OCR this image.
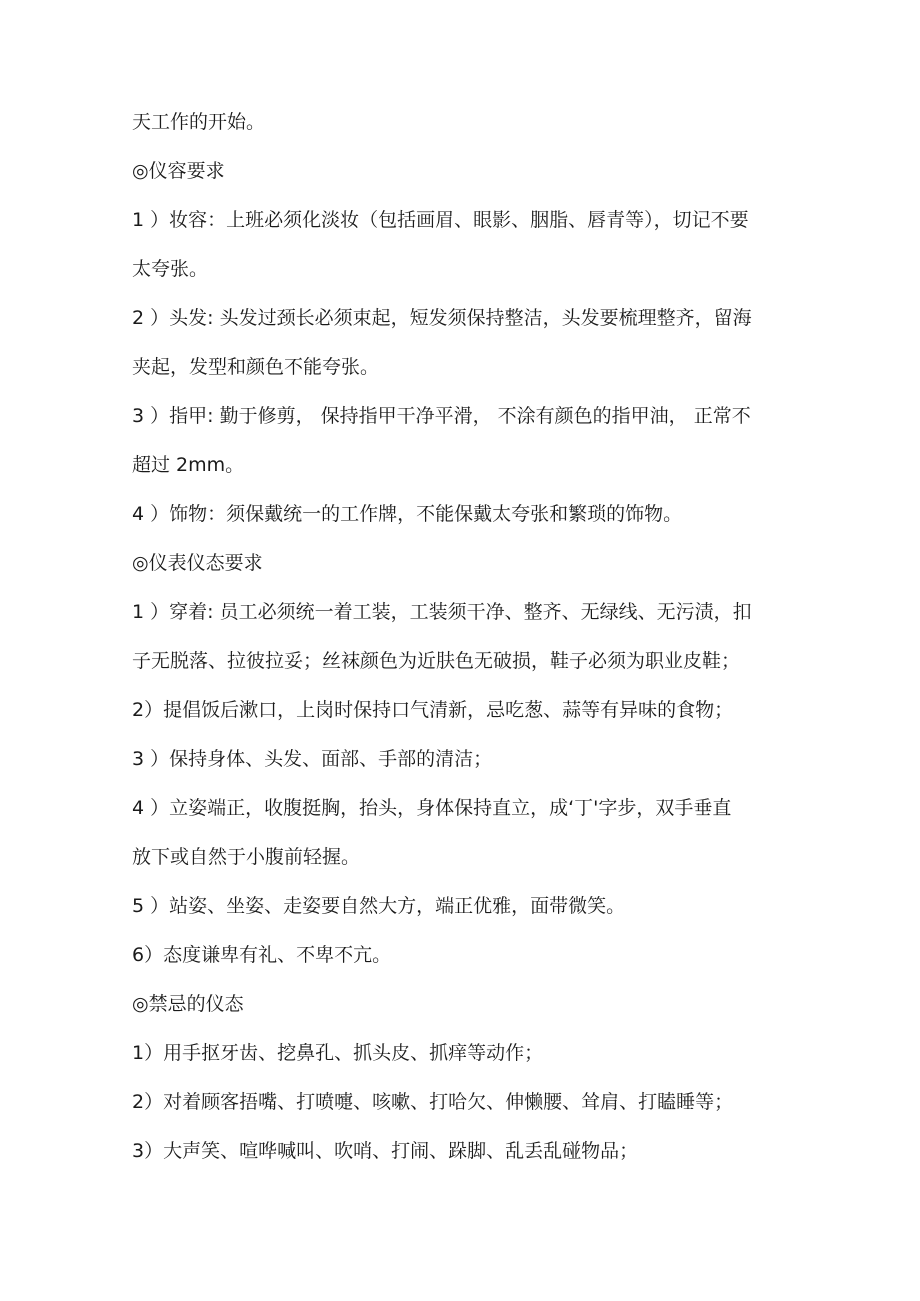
天工作的开始。
◎仪容要求
1 ）妆容：上班必须化淡妆（包括画眉、眼影、胭脂、唇青等），切记不要
太夸张。
2 ）头发: 头发过颈长必须束起，短发须保持整洁，头发要梳理整齐，留海
夹起，发型和颜色不能夸张。
3 ）指甲: 勤于修剪， 保持指甲干净平滑， 不涂有颜色的指甲油， 正常不
超过 2mm。
4 ）饰物：须保戴统一的工作牌，不能保戴太夸张和繁琐的饰物。
◎仪表仪态要求
1 ）穿着: 员工必须统一着工装，工装须干净、整齐、无绿线、无污渍，扣
子无脱落、拉彼拉妥；丝袜颜色为近肤色无破损，鞋子必须为职业皮鞋；
2）提倡饭后漱口，上岗时保持口气清新，忌吃葱、蒜等有异味的食物；
3 ）保持身体、头发、面部、手部的清洁；
4 ）立姿端正，收腹挺胸，抬头，身体保持直立，成‘丁'字步，双手垂直
放下或自然于小腹前轻握。
5 ）站姿、坐姿、走姿要自然大方，端正优雅，面带微笑。
6）态度谦卑有礼、不卑不亢。
◎禁忌的仪态
1）用手抠牙齿、挖鼻孔、抓头皮、抓痒等动作；
2）对着顾客捂嘴、打喷嚏、咳嗽、打哈欠、伸懒腰、耸肩、打瞌睡等；
3）大声笑、喧哗喊叫、吹哨、打闹、跺脚、乱丢乱碰物品；
